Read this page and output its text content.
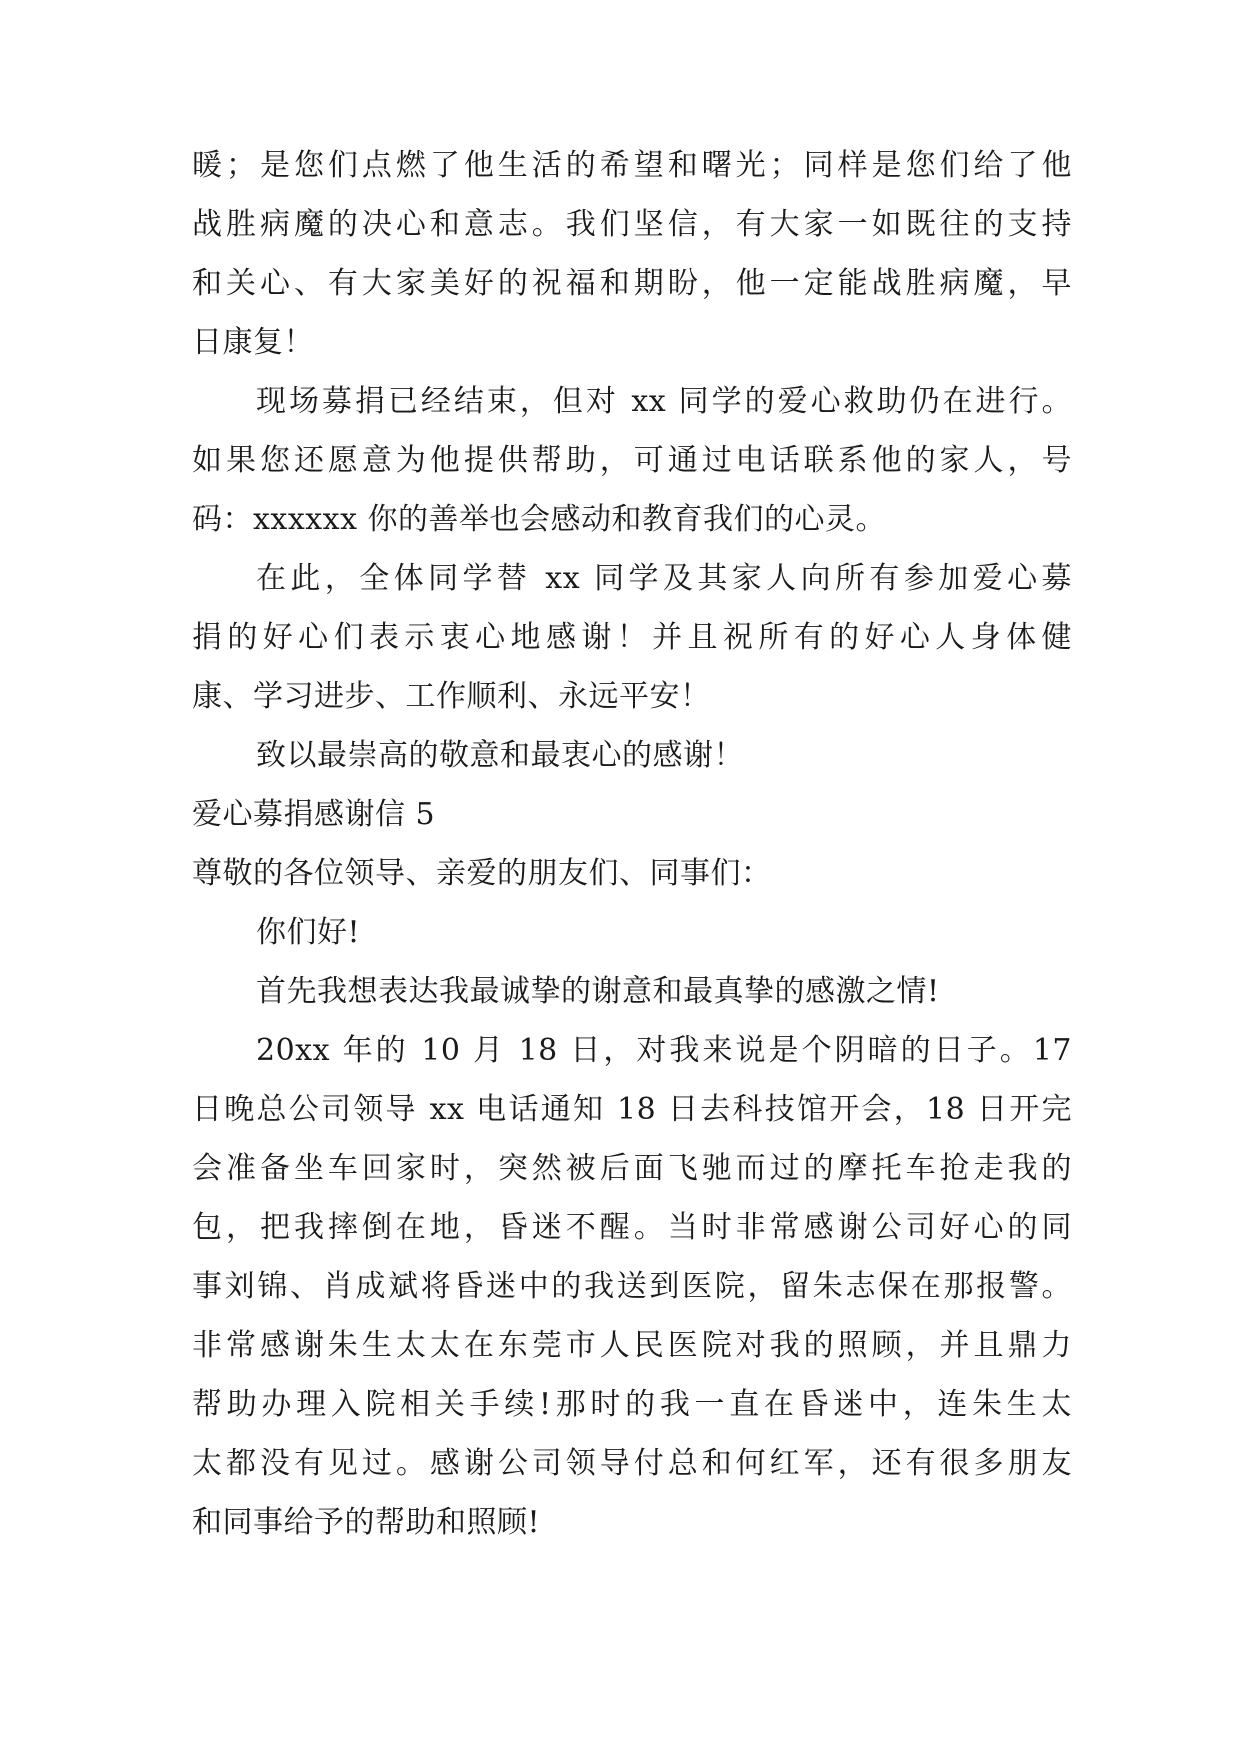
暖；是您们点燃了他生活的希望和曙光；同样是您们给了他
战胜病魔的决心和意志。我们坚信，有大家一如既往的支持
和关心、有大家美好的祝福和期盼，他一定能战胜病魔，早
日康复！
现场募捐已经结束，但对 xx 同学的爱心救助仍在进行。
如果您还愿意为他提供帮助，可通过电话联系他的家人，号
码：xxxxxx 你的善举也会感动和教育我们的心灵。
在此，全体同学替 xx 同学及其家人向所有参加爱心募
捐的好心们表示衷心地感谢！并且祝所有的好心人身体健
康、学习进步、工作顺利、永远平安！
致以最崇高的敬意和最衷心的感谢！
爱心募捐感谢信 5
尊敬的各位领导、亲爱的朋友们、同事们：
你们好!
首先我想表达我最诚挚的谢意和最真挚的感激之情!
20xx 年的 10 月 18 日，对我来说是个阴暗的日子。17
日晚总公司领导 xx 电话通知 18 日去科技馆开会，18 日开完
会准备坐车回家时，突然被后面飞驰而过的摩托车抢走我的
包，把我摔倒在地，昏迷不醒。当时非常感谢公司好心的同
事刘锦、肖成斌将昏迷中的我送到医院，留朱志保在那报警。
非常感谢朱生太太在东莞市人民医院对我的照顾，并且鼎力
帮助办理入院相关手续!那时的我一直在昏迷中，连朱生太
太都没有见过。感谢公司领导付总和何红军，还有很多朋友
和同事给予的帮助和照顾!
